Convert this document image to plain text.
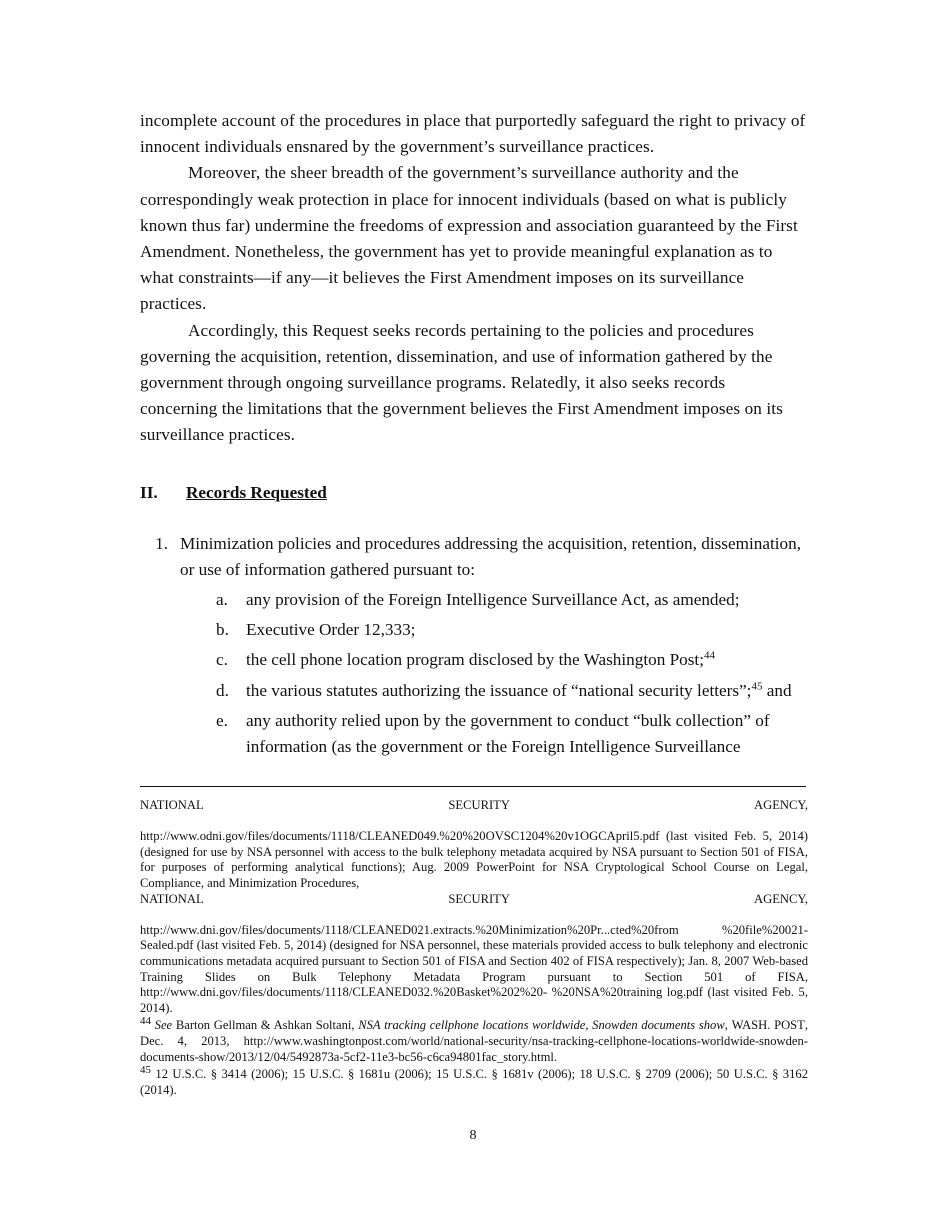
incomplete account of the procedures in place that purportedly safeguard the right to privacy of innocent individuals ensnared by the government’s surveillance practices.

Moreover, the sheer breadth of the government’s surveillance authority and the correspondingly weak protection in place for innocent individuals (based on what is publicly known thus far) undermine the freedoms of expression and association guaranteed by the First Amendment. Nonetheless, the government has yet to provide meaningful explanation as to what constraints—if any—it believes the First Amendment imposes on its surveillance practices.

Accordingly, this Request seeks records pertaining to the policies and procedures governing the acquisition, retention, dissemination, and use of information gathered by the government through ongoing surveillance programs. Relatedly, it also seeks records concerning the limitations that the government believes the First Amendment imposes on its surveillance practices.

II.	Records Requested
1. Minimization policies and procedures addressing the acquisition, retention, dissemination, or use of information gathered pursuant to:
a.	any provision of the Foreign Intelligence Surveillance Act, as amended;
b. Executive Order 12,333;
c.	the cell phone location program disclosed by the Washington Post;$^{44}$
d. the various statutes authorizing the issuance of “national security letters”;$^{45}$ and
e.	any authority relied upon by the government to conduct “bulk collection” of information (as the government or the Foreign Intelligence Surveillance
NATIONAL	SECURITY	AGENCY,
http://www.odni.gov/files/documents/1118/CLEANED049.%20%20OVSC1204%20v1OGCApril5.pdf (last visited Feb. 5, 2014) (designed for use by NSA personnel with access to the bulk telephony metadata acquired by NSA pursuant to Section 501 of FISA, for purposes of performing analytical functions); Aug. 2009 PowerPoint for NSA Cryptological School Course on Legal, Compliance, and Minimization Procedures,
NATIONAL	SECURITY	AGENCY,
http://www.dni.gov/files/documents/1118/CLEANED021.extracts.%20Minimization%20Pr...cted%20from %20file%20021-Sealed.pdf (last visited Feb. 5, 2014) (designed for NSA personnel, these materials provided access to bulk telephony and electronic communications metadata acquired pursuant to Section 501 of FISA and Section 402 of FISA respectively); Jan. 8, 2007 Web-based Training Slides on Bulk Telephony Metadata Program pursuant to Section 501 of FISA, http://www.dni.gov/files/documents/1118/CLEANED032.%20Basket%202%20- %20NSA%20training log.pdf (last visited Feb. 5, 2014).
$^{44}$ See Barton Gellman & Ashkan Soltani, NSA tracking cellphone locations worldwide, Snowden documents show, WASH. POST, Dec. 4, 2013, http://www.washingtonpost.com/world/national-security/nsa-tracking-cellphone-locations-worldwide-snowden-documents-show/2013/12/04/5492873a-5cf2-11e3-bc56-c6ca94801fac_story.html.
$^{45}$ 12 U.S.C. § 3414 (2006); 15 U.S.C. § 1681u (2006); 15 U.S.C. § 1681v (2006); 18 U.S.C. § 2709 (2006); 50 U.S.C. § 3162 (2014).
8
